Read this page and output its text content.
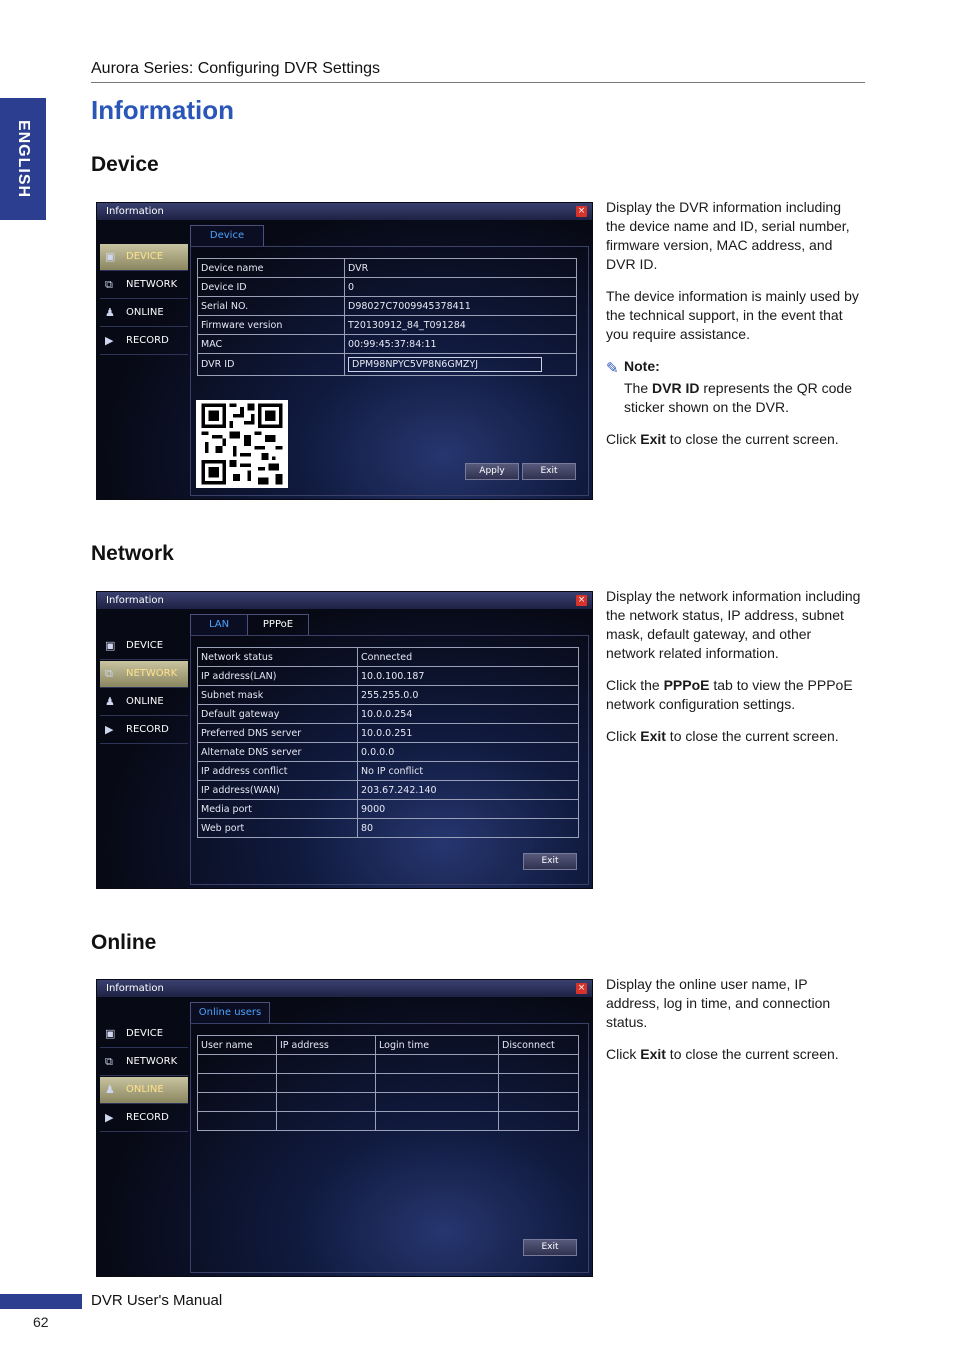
Aurora Series: Configuring DVR Settings
ENGLISH
Information
Device
Information	×
▣	DEVICE
⧉	NETWORK
♟	ONLINE
▶	RECORD
Device
Device name	DVR
Device ID	0
Serial NO.	D98027C7009945378411
Firmware version	T20130912_84_T091284
MAC	00:99:45:37:84:11
DVR ID	DPM98NPYC5VP8N6GMZYJ
Apply	Exit

Display the DVR information including the device name and ID, serial number, firmware version, MAC address, and DVR ID.

The device information is mainly used by the technical support, in the event that you require assistance.

✎ Note:

The DVR ID represents the QR code sticker shown on the DVR.

Click Exit to close the current screen.

Network
Information	×
▣	DEVICE
⧉	NETWORK
♟	ONLINE
▶	RECORD
LAN	PPPoE
Network status	Connected
IP address(LAN)	10.0.100.187
Subnet mask	255.255.0.0
Default gateway	10.0.0.254
Preferred DNS server	10.0.0.251
Alternate DNS server	0.0.0.0
IP address conflict	No IP conflict
IP address(WAN)	203.67.242.140
Media port	9000
Web port	80
Exit

Display the network information including the network status, IP address, subnet mask, default gateway, and other network related information.

Click the PPPoE tab to view the PPPoE network configuration settings.

Click Exit to close the current screen.

Online
Information	×
▣	DEVICE
⧉	NETWORK
♟	ONLINE
▶	RECORD
Online users
User name	IP address	Login time	Disconnect

Exit

Display the online user name, IP address, log in time, and connection status.

Click Exit to close the current screen.

DVR User's Manual
62
